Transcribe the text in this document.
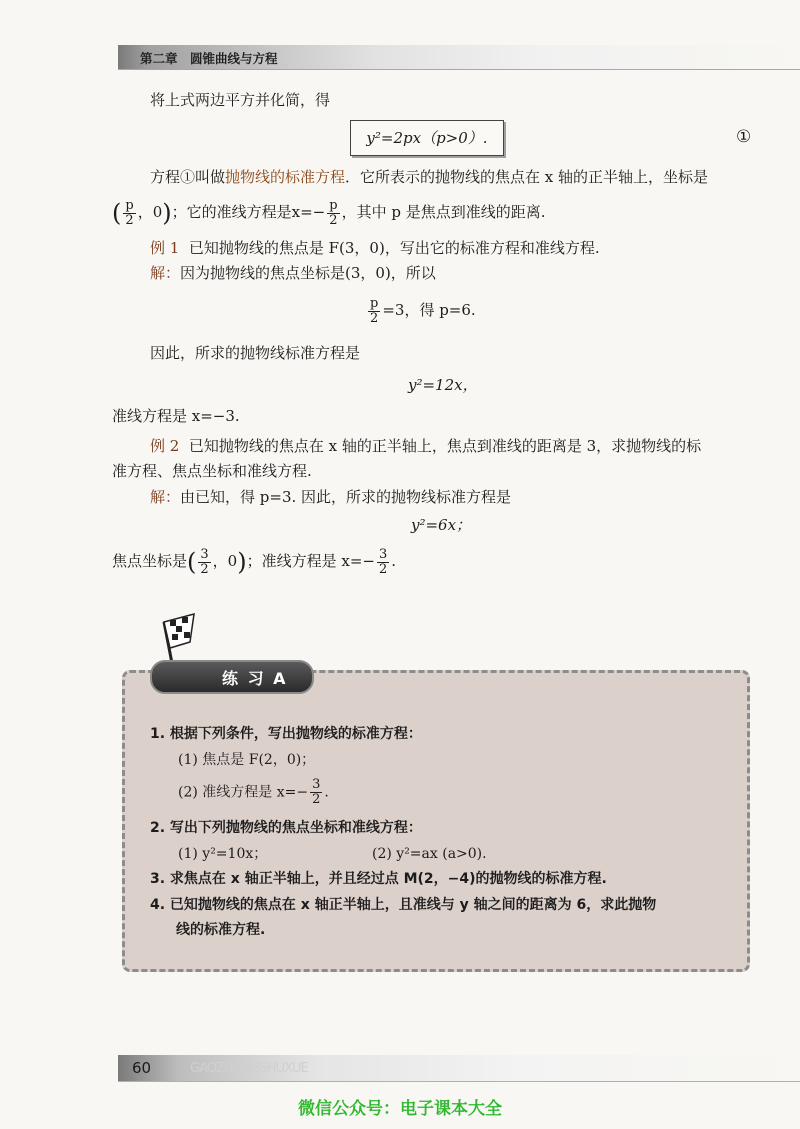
第二章　圆锥曲线与方程
将上式两边平方并化简，得
y²=2px（p>0）.	①
方程①叫做抛物线的标准方程．它所表示的抛物线的焦点在 x 轴的正半轴上，坐标是
( $\frac{p}{2}$ ，0)；它的准线方程是$x=- \frac{p}{2}$ ，其中 p 是焦点到准线的距离.
例 1 已知抛物线的焦点是 F(3，0)，写出它的标准方程和准线方程.
解：因为抛物线的焦点坐标是(3，0)，所以
$\frac{p}{2} =3$，得 p=6.
因此，所求的抛物线标准方程是
y²=12x，
准线方程是 x=−3.
例 2 已知抛物线的焦点在 x 轴的正半轴上，焦点到准线的距离是 3，求抛物线的标
准方程、焦点坐标和准线方程.
解：由已知，得 p=3. 因此，所求的抛物线标准方程是
y²=6x；
焦点坐标是( $\frac{3}{2}$ ，0)；准线方程是 $x=- \frac{3}{2}$ .
练 习 A
1. 根据下列条件，写出抛物线的标准方程：
(1) 焦点是 F(2，0)；
(2) 准线方程是 $x=- \frac{3}{2}$ .
2. 写出下列抛物线的焦点坐标和准线方程：
(1) y²=10x；	(2) y²=ax (a>0).
3. 求焦点在 x 轴正半轴上，并且经过点 M(2，−4)的抛物线的标准方程.
4. 已知抛物线的焦点在 x 轴正半轴上，且准线与 y 轴之间的距离为 6，求此抛物
线的标准方程.
60	GAOZHONGSHUXUE
微信公众号：电子课本大全
